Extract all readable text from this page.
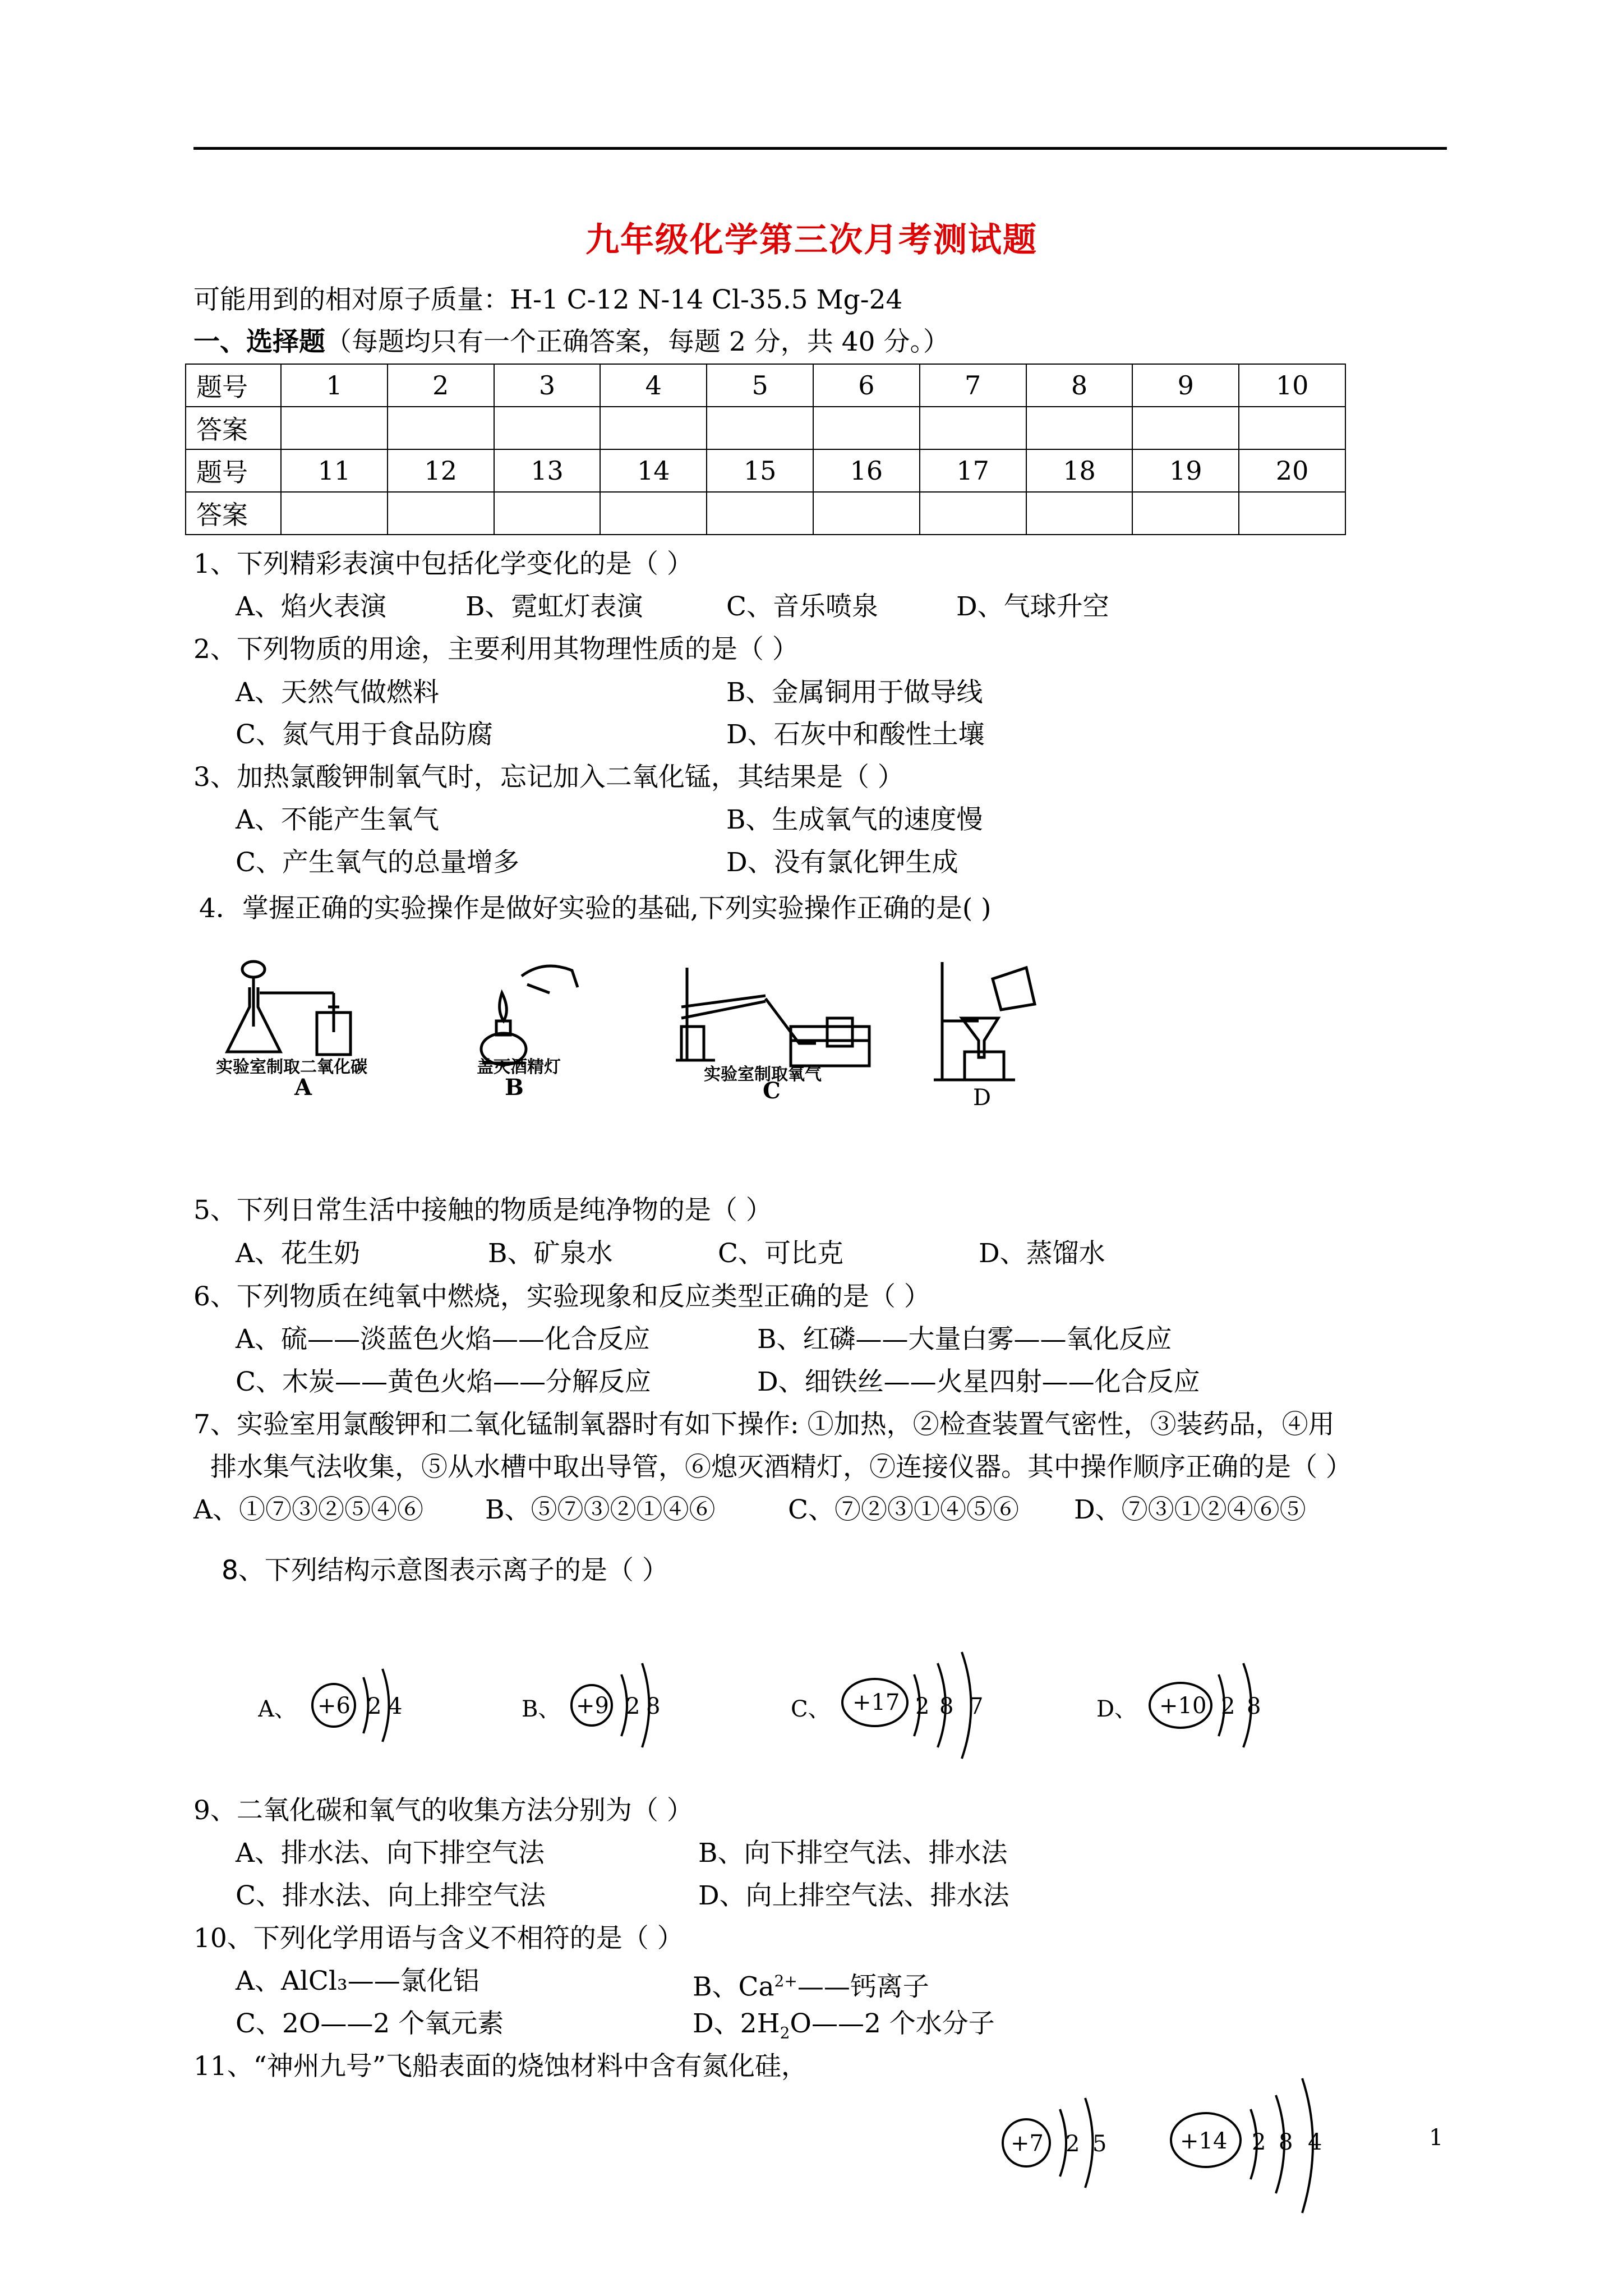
九年级化学第三次月考测试题
可能用到的相对原子质量：H-1 C-12 N-14 Cl-35.5 Mg-24
一、选择题（每题均只有一个正确答案，每题 2 分，共 40 分。）
题号	1	2	3	4	5	6	7	8	9	10
答案										
题号	11	12	13	14	15	16	17	18	19	20
答案										
1、下列精彩表演中包括化学变化的是（ ）
A、焰火表演	B、霓虹灯表演	C、音乐喷泉	D、气球升空
2、下列物质的用途，主要利用其物理性质的是（ ）
A、天然气做燃料	B、金属铜用于做导线
C、氮气用于食品防腐	D、石灰中和酸性土壤
3、加热氯酸钾制氧气时，忘记加入二氧化锰，其结果是（ ）
A、不能产生氧气	B、生成氧气的速度慢
C、产生氧气的总量增多	D、没有氯化钾生成
4．掌握正确的实验操作是做好实验的基础,下列实验操作正确的是( )
实验室制取二氧化碳
A
盖灭酒精灯
B	实验室制取氧气
C	D
5、下列日常生活中接触的物质是纯净物的是（ ）
A、花生奶	B、矿泉水	C、可比克	D、蒸馏水
6、下列物质在纯氧中燃烧，实验现象和反应类型正确的是（ ）
A、硫——淡蓝色火焰——化合反应	B、红磷——大量白雾——氧化反应
C、木炭——黄色火焰——分解反应	D、细铁丝——火星四射——化合反应
7、实验室用氯酸钾和二氧化锰制氧器时有如下操作: ①加热，②检查装置气密性，③装药品，④用
排水集气法收集，⑤从水槽中取出导管，⑥熄灭酒精灯，⑦连接仪器。其中操作顺序正确的是（ ）
A、①⑦③②⑤④⑥ B、⑤⑦③②①④⑥	C、⑦②③①④⑤⑥ D、⑦③①②④⑥⑤
8、下列结构示意图表示离子的是（ ）
A、 +6 2 4	B、 +9 2 8	C、 +17 2 8 7	D、 +10 2 8
9、二氧化碳和氧气的收集方法分别为（ ）
A、排水法、向下排空气法	B、向下排空气法、排水法
C、排水法、向上排空气法	D、向上排空气法、排水法
10、下列化学用语与含义不相符的是（ ）
A、AlCl₃——氯化铝	B、$Ca^{2+}——$钙离子
C、2O——2 个氧元素	D、$2H_2O——2$ 个水分子
11、“神州九号”飞船表面的烧蚀材料中含有氮化硅，
+7 2 5	+14 2 8 4	1
